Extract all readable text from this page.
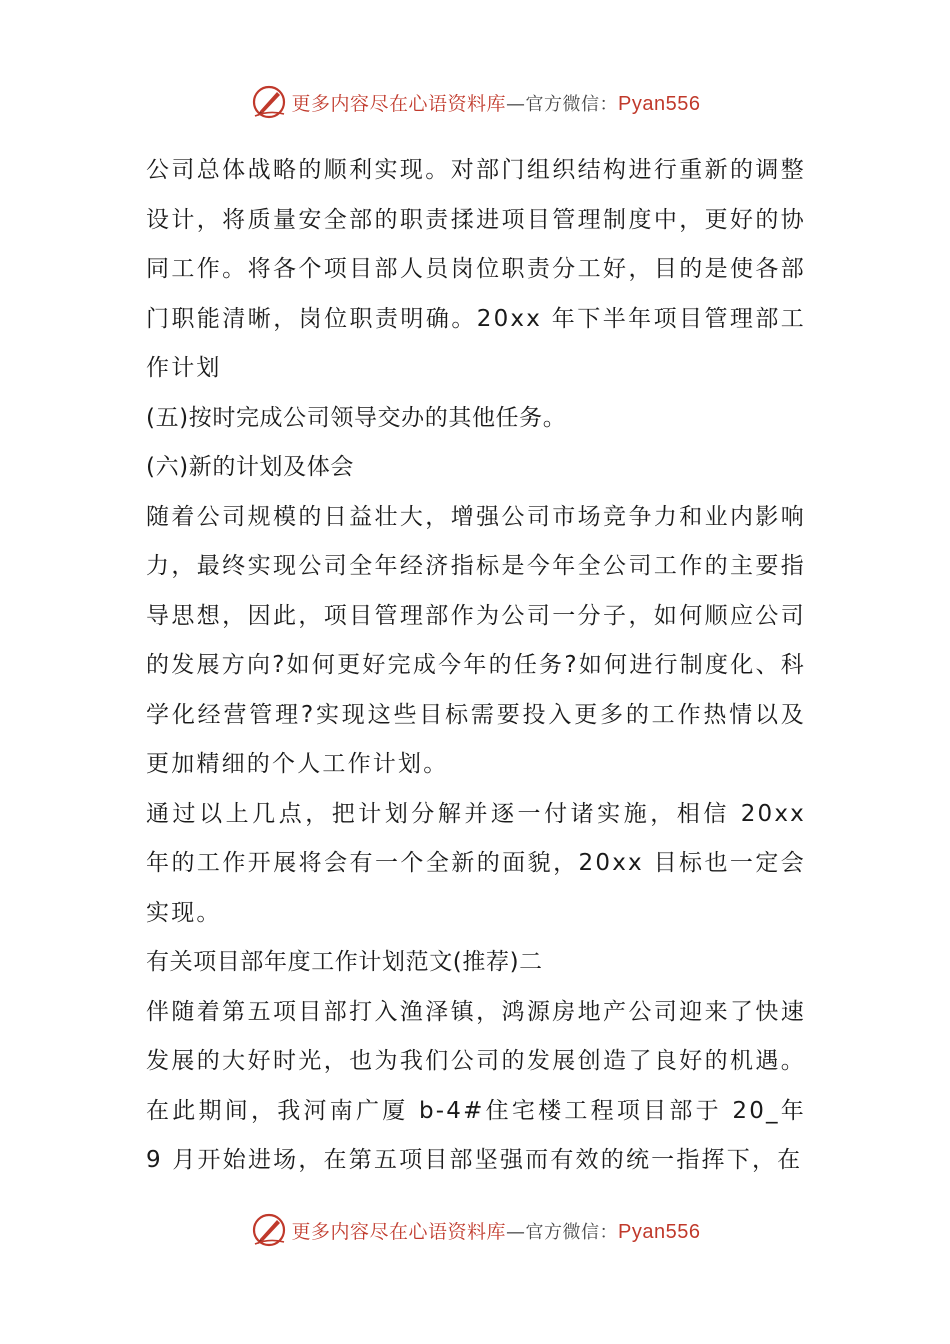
更多内容尽在心语资料库—官方微信：Pyan556

公司总体战略的顺利实现。对部门组织结构进行重新的调整设计，将质量安全部的职责揉进项目管理制度中，更好的协同工作。将各个项目部人员岗位职责分工好，目的是使各部门职能清晰，岗位职责明确。20xx 年下半年项目管理部工作计划

(五)按时完成公司领导交办的其他任务。

(六)新的计划及体会

随着公司规模的日益壮大，增强公司市场竞争力和业内影响力，最终实现公司全年经济指标是今年全公司工作的主要指导思想，因此，项目管理部作为公司一分子，如何顺应公司的发展方向?如何更好完成今年的任务?如何进行制度化、科学化经营管理?实现这些目标需要投入更多的工作热情以及更加精细的个人工作计划。

通过以上几点，把计划分解并逐一付诸实施，相信 20xx 年的工作开展将会有一个全新的面貌，20xx 目标也一定会实现。

有关项目部年度工作计划范文(推荐)二

伴随着第五项目部打入渔泽镇，鸿源房地产公司迎来了快速发展的大好时光，也为我们公司的发展创造了良好的机遇。在此期间，我河南广厦 b-4#住宅楼工程项目部于 20_年 9 月开始进场，在第五项目部坚强而有效的统一指挥下，在

更多内容尽在心语资料库—官方微信：Pyan556
